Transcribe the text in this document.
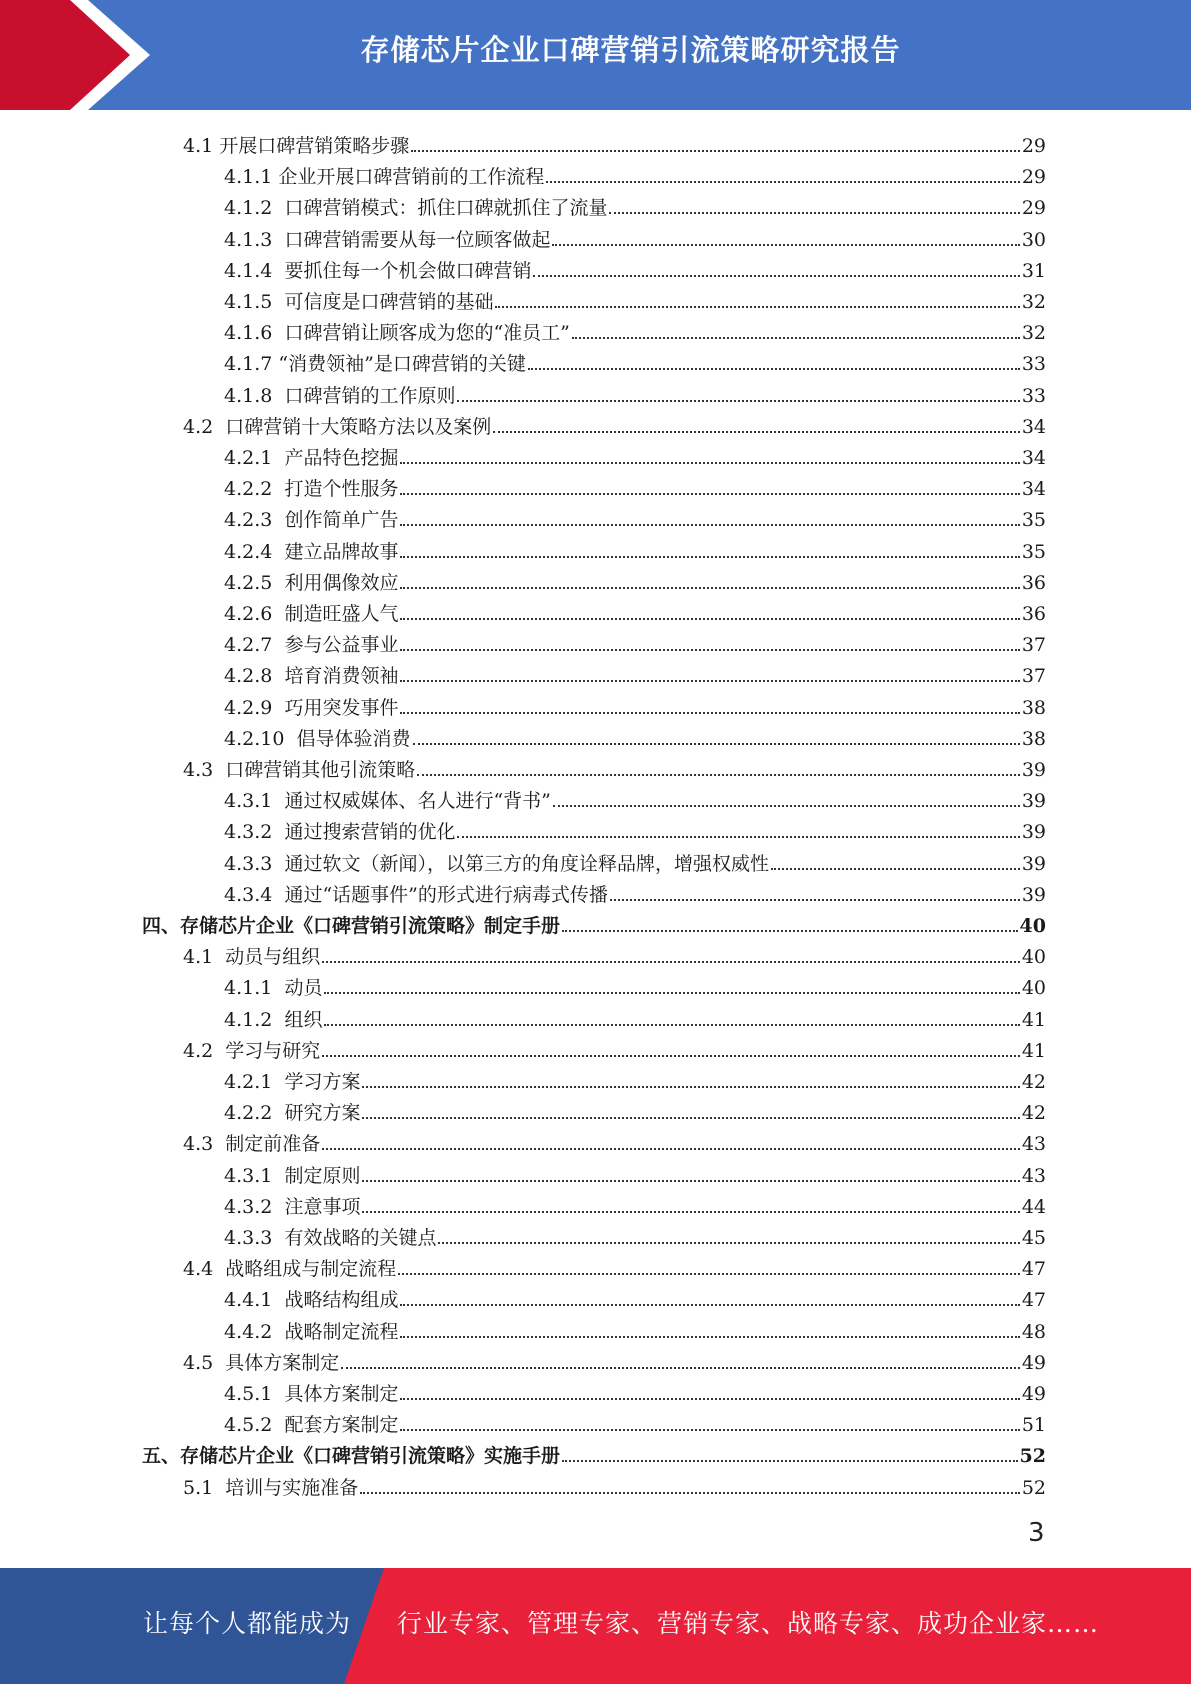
存储芯片企业口碑营销引流策略研究报告
4.1 开展口碑营销策略步骤	29
4.1.1 企业开展口碑营销前的工作流程	29
4.1.2 口碑营销模式：抓住口碑就抓住了流量	29
4.1.3 口碑营销需要从每一位顾客做起	30
4.1.4 要抓住每一个机会做口碑营销	31
4.1.5 可信度是口碑营销的基础	32
4.1.6 口碑营销让顾客成为您的“准员工”	32
4.1.7 “消费领袖”是口碑营销的关键	33
4.1.8 口碑营销的工作原则	33
4.2 口碑营销十大策略方法以及案例	34
4.2.1 产品特色挖掘	34
4.2.2 打造个性服务	34
4.2.3 创作简单广告	35
4.2.4 建立品牌故事	35
4.2.5 利用偶像效应	36
4.2.6 制造旺盛人气	36
4.2.7 参与公益事业	37
4.2.8 培育消费领袖	37
4.2.9 巧用突发事件	38
4.2.10 倡导体验消费	38
4.3 口碑营销其他引流策略	39
4.3.1 通过权威媒体、名人进行“背书”	39
4.3.2 通过搜索营销的优化	39
4.3.3 通过软文（新闻），以第三方的角度诠释品牌，增强权威性	39
4.3.4 通过“话题事件”的形式进行病毒式传播	39
四、存储芯片企业《口碑营销引流策略》制定手册	40
4.1 动员与组织	40
4.1.1 动员	40
4.1.2 组织	41
4.2 学习与研究	41
4.2.1 学习方案	42
4.2.2 研究方案	42
4.3 制定前准备	43
4.3.1 制定原则	43
4.3.2 注意事项	44
4.3.3 有效战略的关键点	45
4.4 战略组成与制定流程	47
4.4.1 战略结构组成	47
4.4.2 战略制定流程	48
4.5 具体方案制定	49
4.5.1 具体方案制定	49
4.5.2 配套方案制定	51
五、存储芯片企业《口碑营销引流策略》实施手册	52
5.1 培训与实施准备	52
3
让每个人都能成为 行业专家、管理专家、营销专家、战略专家、成功企业家……
